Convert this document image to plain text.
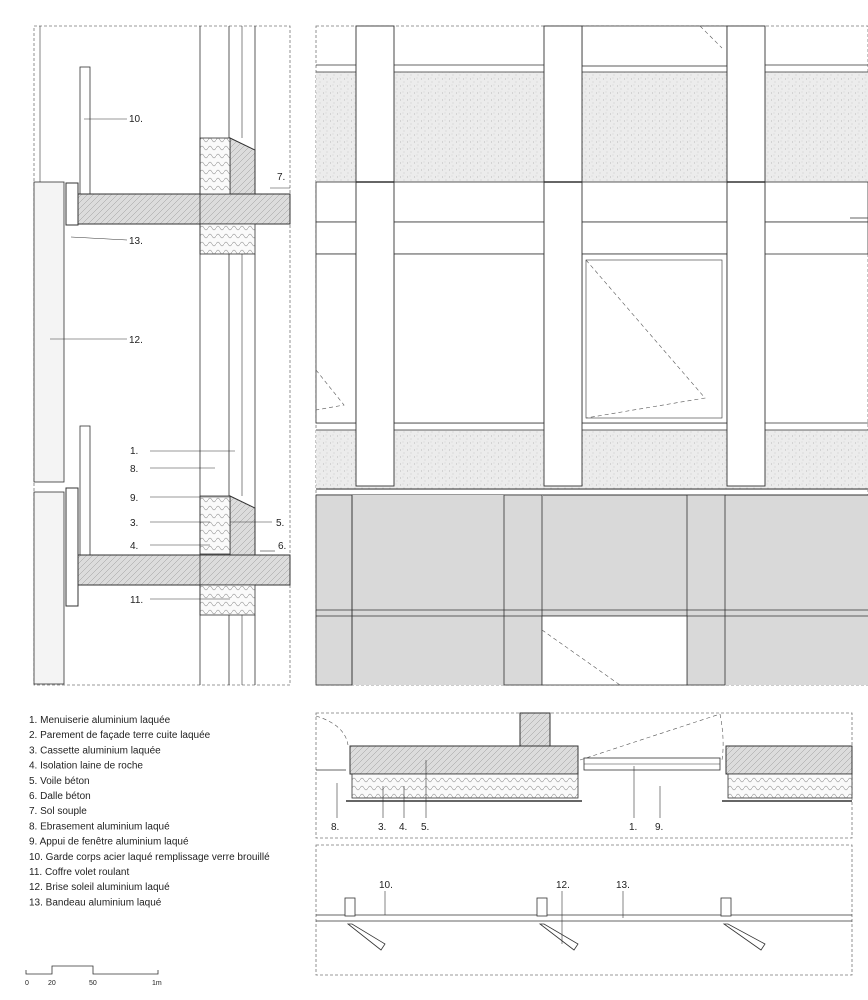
10.
7.
13.
12.
1.
8.
9.
3.	5.
4.	6.
11.
8.	3. 4. 5.	1. 9.
10.	12.	13.
1. Menuiserie aluminium laquée
2. Parement de façade terre cuite laquée
3. Cassette aluminium laquée
4. Isolation laine de roche
5. Voile béton
6. Dalle béton
7. Sol souple
8. Ebrasement aluminium laqué
9. Appui de fenêtre aluminium laqué
10. Garde corps acier laqué remplissage verre brouillé
11. Coffre volet roulant
12. Brise soleil aluminium laqué
13. Bandeau aluminium laqué
0	20	50	1m
